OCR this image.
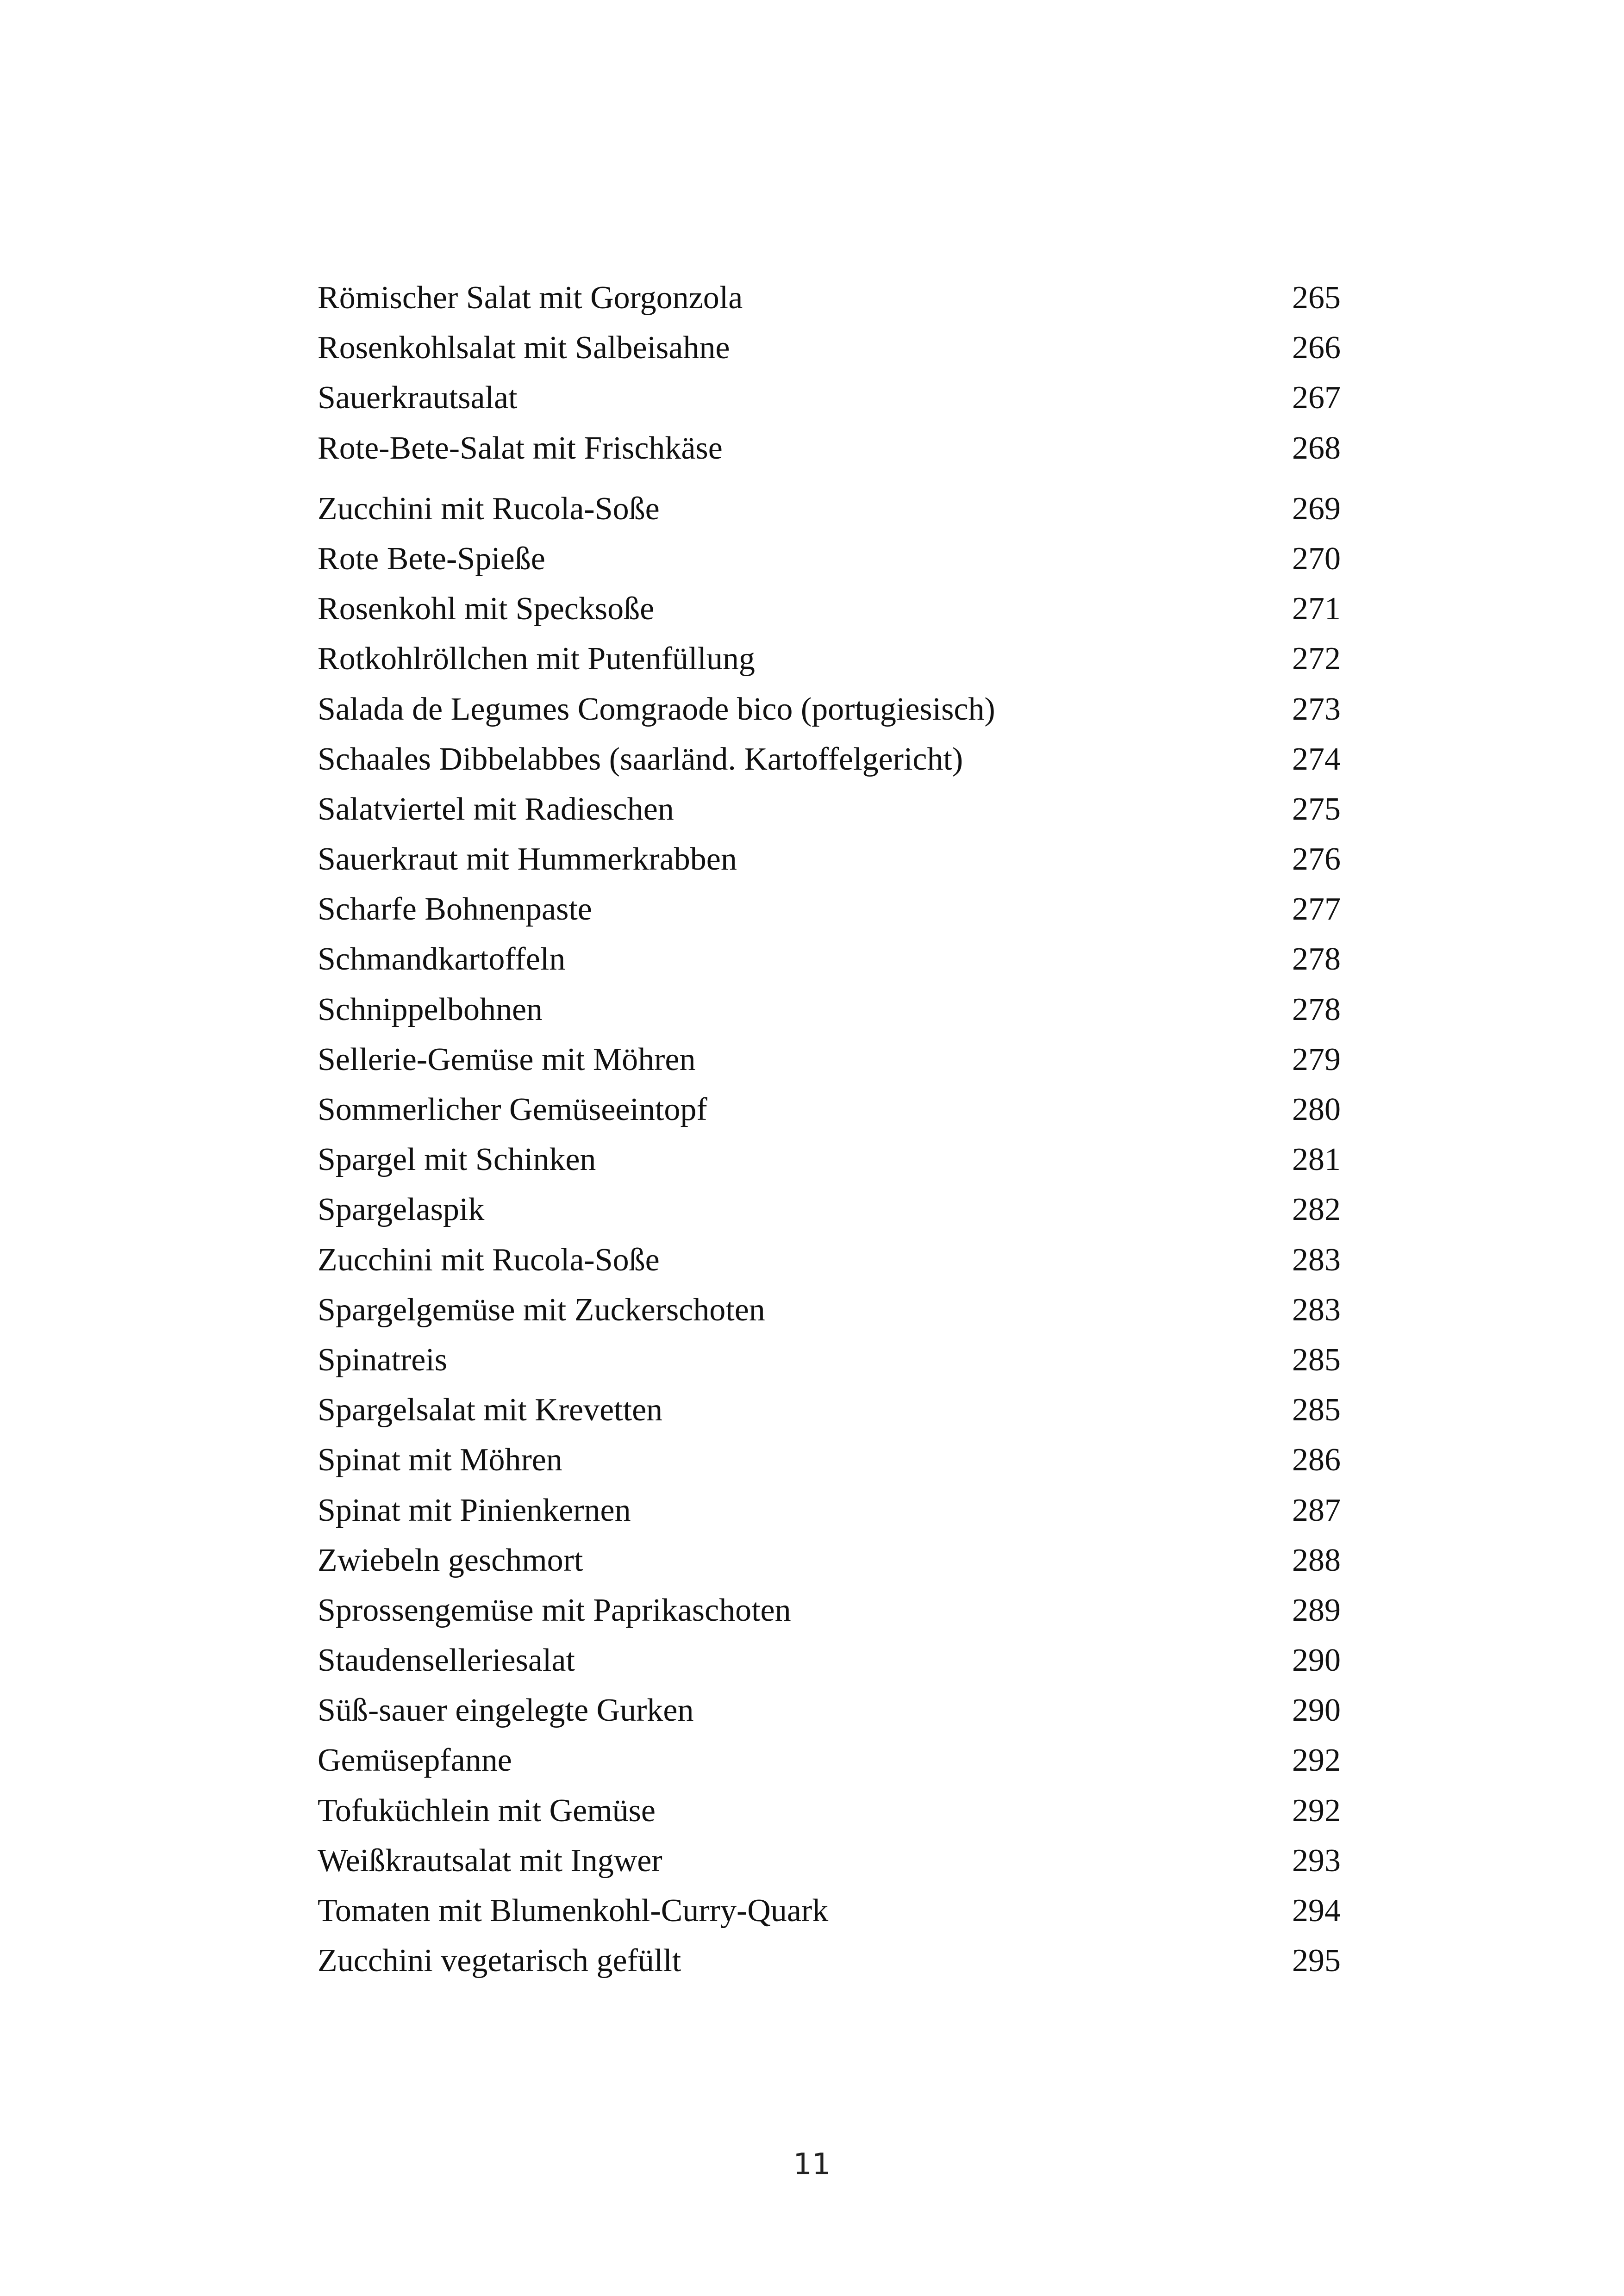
Römischer Salat mit Gorgonzola	265
Rosenkohlsalat mit Salbeisahne	266
Sauerkrautsalat	267
Rote-Bete-Salat mit Frischkäse	268
Zucchini mit Rucola-Soße	269
Rote Bete-Spieße	270
Rosenkohl mit Specksoße	271
Rotkohlröllchen mit Putenfüllung	272
Salada de Legumes Comgraode bico (portugiesisch)	273
Schaales Dibbelabbes (saarländ. Kartoffelgericht)	274
Salatviertel mit Radieschen	275
Sauerkraut mit Hummerkrabben	276
Scharfe Bohnenpaste	277
Schmandkartoffeln	278
Schnippelbohnen	278
Sellerie-Gemüse mit Möhren	279
Sommerlicher Gemüseeintopf	280
Spargel mit Schinken	281
Spargelaspik	282
Zucchini mit Rucola-Soße	283
Spargelgemüse mit Zuckerschoten	283
Spinatreis	285
Spargelsalat mit Krevetten	285
Spinat mit Möhren	286
Spinat mit Pinienkernen	287
Zwiebeln geschmort	288
Sprossengemüse mit Paprikaschoten	289
Staudenselleriesalat	290
Süß-sauer eingelegte Gurken	290
Gemüsepfanne	292
Tofuküchlein mit Gemüse	292
Weißkrautsalat mit Ingwer	293
Tomaten mit Blumenkohl-Curry-Quark	294
Zucchini vegetarisch gefüllt	295
11
